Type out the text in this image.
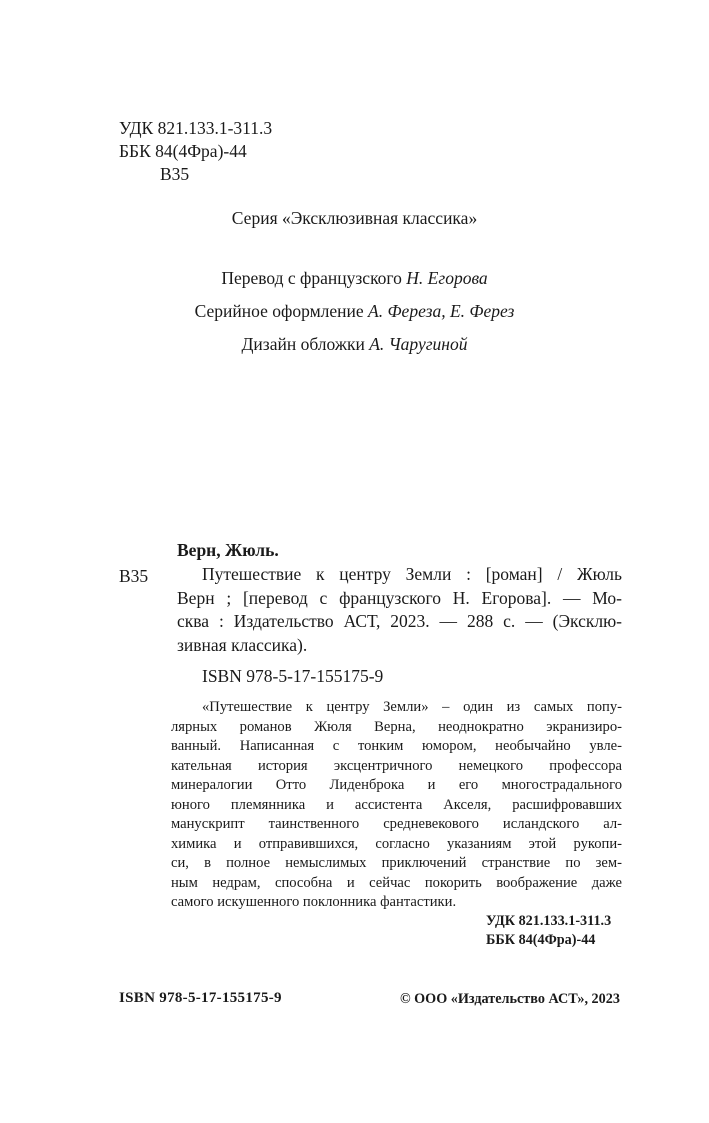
УДК 821.133.1-311.3
ББК 84(4Фра)-44
В35
Серия «Эксклюзивная классика»
Перевод с французского Н. Егорова
Серийное оформление А. Фереза, Е. Ферез
Дизайн обложки А. Чаругиной
Верн, Жюль.
В35	Путешествие к центру Земли : [роман] / Жюль
Верн ; [перевод с французского Н. Егорова]. — Мо-
сква : Издательство АСТ, 2023. — 288 с. — (Эксклю-
зивная классика).
ISBN 978-5-17-155175-9
«Путешествие к центру Земли» – один из самых попу-
лярных романов Жюля Верна, неоднократно экранизиро-
ванный. Написанная с тонким юмором, необычайно увле-
кательная история эксцентричного немецкого профессора
минералогии Отто Лиденброка и его многострадального
юного племянника и ассистента Акселя, расшифровавших
манускрипт таинственного средневекового исландского ал-
химика и отправившихся, согласно указаниям этой рукопи-
си, в полное немыслимых приключений странствие по зем-
ным недрам, способна и сейчас покорить воображение даже
самого искушенного поклонника фантастики.
УДК 821.133.1-311.3
ББК 84(4Фра)-44
ISBN 978-5-17-155175-9	© ООО «Издательство АСТ», 2023
